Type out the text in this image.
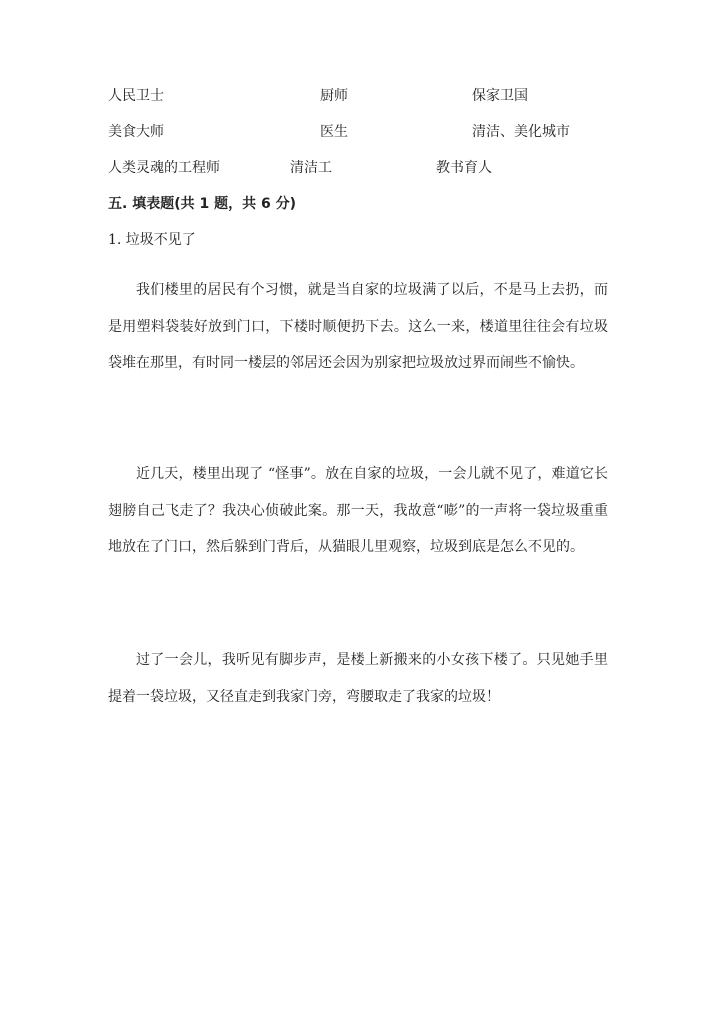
人民卫士	厨师	保家卫国
美食大师	医生	清洁、美化城市
人类灵魂的工程师	清洁工	教书育人
五. 填表题(共 1 题，共 6 分)
1. 垃圾不见了

我们楼里的居民有个习惯，就是当自家的垃圾满了以后，不是马上去扔，而是用塑料袋装好放到门口，下楼时顺便扔下去。这么一来，楼道里往往会有垃圾袋堆在那里，有时同一楼层的邻居还会因为别家把垃圾放过界而闹些不愉快。

近几天，楼里出现了 “怪事”。放在自家的垃圾，一会儿就不见了，难道它长翅膀自己飞走了？我决心侦破此案。那一天，我故意“嘭”的一声将一袋垃圾重重地放在了门口，然后躲到门背后，从猫眼儿里观察，垃圾到底是怎么不见的。

过了一会儿，我听见有脚步声，是楼上新搬来的小女孩下楼了。只见她手里提着一袋垃圾，又径直走到我家门旁，弯腰取走了我家的垃圾！
